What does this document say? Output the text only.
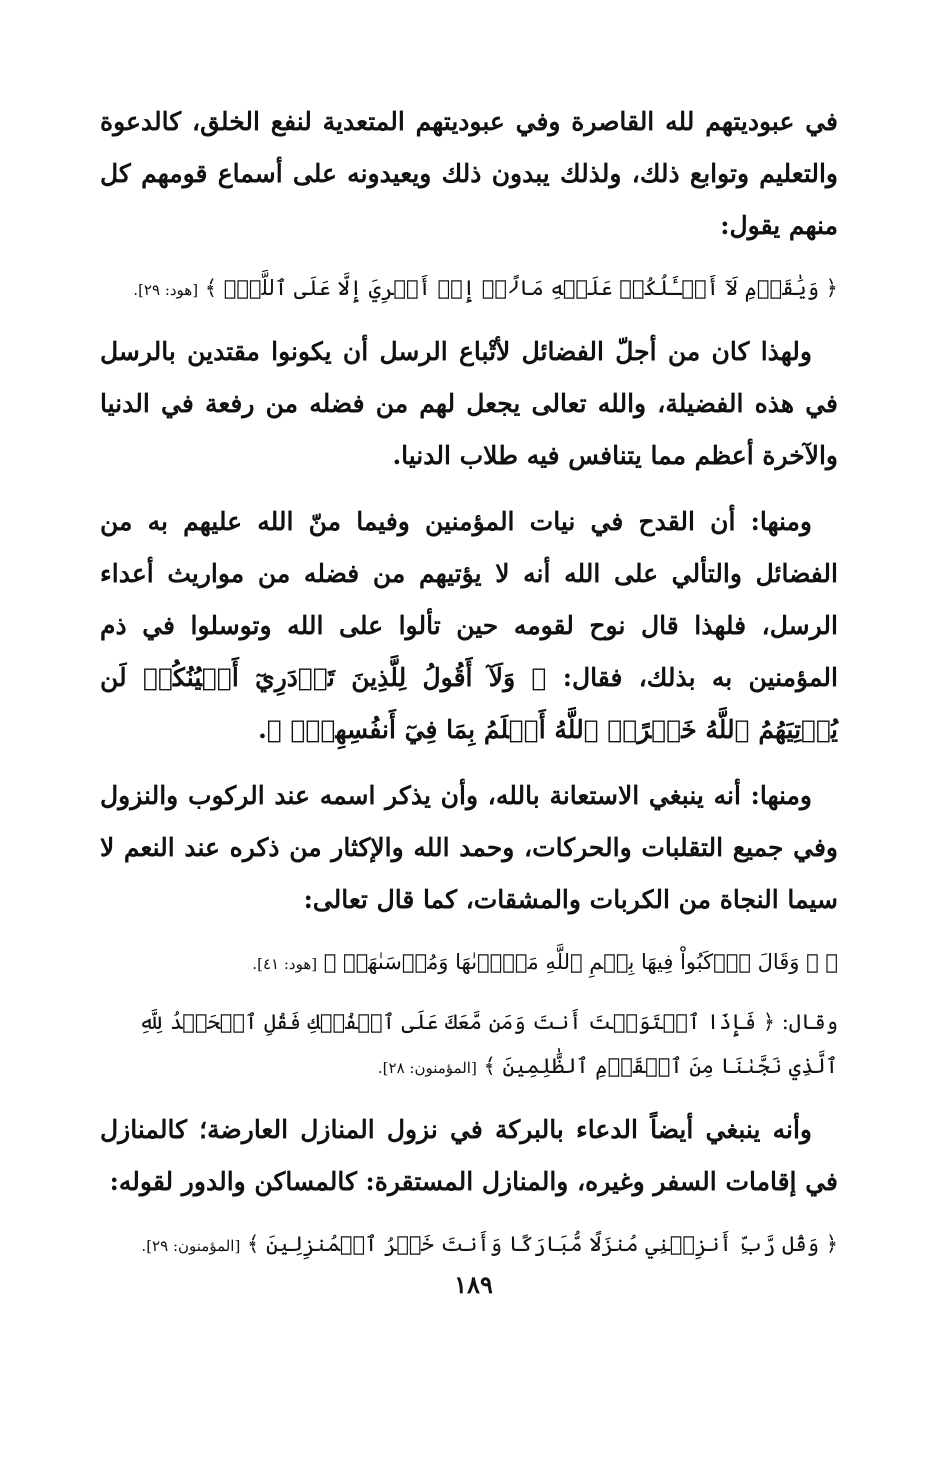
في عبوديتهم لله القاصرة وفي عبوديتهم المتعدية لنفع الخلق، كالدعوة والتعليم وتوابع ذلك، ولذلك يبدون ذلك ويعيدونه على أسماع قومهم كل منهم يقول:

﴿ وَيَٰقَوۡمِ لَآ أَسۡـَٔلُكُمۡ عَلَيۡهِ مَالًاۖ إِنۡ أَجۡرِيَ إِلَّا عَلَى ٱللَّهِۚ ﴾ [هود: ٢٩].

ولهذا كان من أجلّ الفضائل لأتْباع الرسل أن يكونوا مقتدين بالرسل في هذه الفضيلة، والله تعالى يجعل لهم من فضله من رفعة في الدنيا والآخرة أعظم مما يتنافس فيه طلاب الدنيا.

ومنها: أن القدح في نيات المؤمنين وفيما منّ الله عليهم به من الفضائل والتألي على الله أنه لا يؤتيهم من فضله من مواريث أعداء الرسل، فلهذا قال نوح لقومه حين تألوا على الله وتوسلوا في ذم المؤمنين به بذلك، فقال: ﴿ وَلَآ أَقُولُ لِلَّذِينَ تَزۡدَرِيٓ أَعۡيُنُكُمۡ لَن يُؤۡتِيَهُمُ ٱللَّهُ خَيۡرًاۖ ٱللَّهُ أَعۡلَمُ بِمَا فِيٓ أَنفُسِهِمۡۖ ﴾.

ومنها: أنه ينبغي الاستعانة بالله، وأن يذكر اسمه عند الركوب والنزول وفي جميع التقلبات والحركات، وحمد الله والإكثار من ذكره عند النعم لا سيما النجاة من الكربات والمشقات، كما قال تعالى:

﴿ ۞ وَقَالَ ٱرۡكَبُواْ فِيهَا بِسۡمِ ٱللَّهِ مَجۡرٜىٰهَا وَمُرۡسَىٰهَآۚ ﴾ [هود: ٤١].

وقال: ﴿ فَإِذَا ٱسۡتَوَيۡتَ أَنتَ وَمَن مَّعَكَ عَلَى ٱلۡفُلۡكِ فَقُلِ ٱلۡحَمۡدُ لِلَّهِ ٱلَّذِي نَجَّىٰنَا مِنَ ٱلۡقَوۡمِ ٱلظَّٰلِمِينَ ﴾ [المؤمنون: ٢٨].

وأنه ينبغي أيضاً الدعاء بالبركة في نزول المنازل العارضة؛ كالمنازل في إقامات السفر وغيره، والمنازل المستقرة: كالمساكن والدور لقوله:

﴿ وَقُل رَّبِّ أَنزِلۡنِي مُنزَلًا مُّبَارَكًا وَأَنتَ خَيۡرُ ٱلۡمُنزِلِينَ ﴾ [المؤمنون: ٢٩].

١٨٩
